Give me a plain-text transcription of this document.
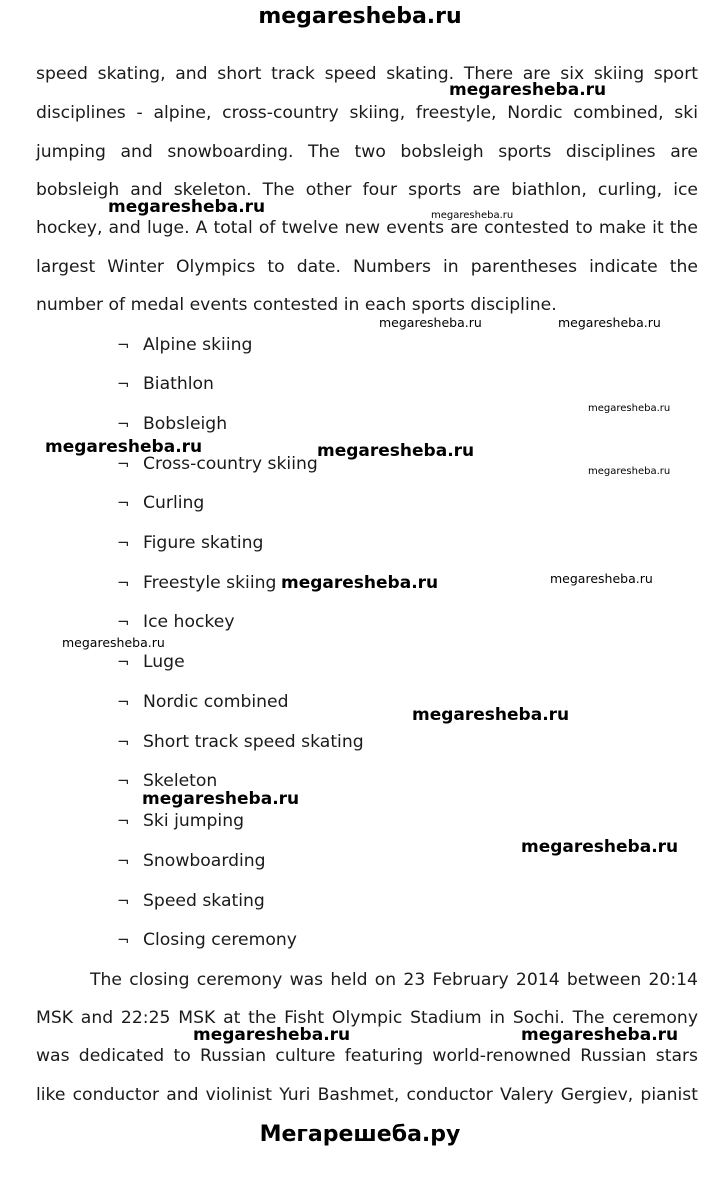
megaresheba.ru
speed skating, and short track speed skating. There are six skiing sport
disciplines - alpine, cross-country skiing, freestyle, Nordic combined, ski
jumping and snowboarding. The two bobsleigh sports disciplines are
bobsleigh and skeleton. The other four sports are biathlon, curling, ice
hockey, and luge. A total of twelve new events are contested to make it the
largest Winter Olympics to date. Numbers in parentheses indicate the
number of medal events contested in each sports discipline.
¬ Alpine skiing
¬ Biathlon
¬ Bobsleigh
¬ Cross-country skiing
¬ Curling
¬ Figure skating
¬ Freestyle skiing
¬ Ice hockey
¬ Luge
¬ Nordic combined
¬ Short track speed skating
¬ Skeleton
¬ Ski jumping
¬ Snowboarding
¬ Speed skating
¬ Closing ceremony
The closing ceremony was held on 23 February 2014 between 20:14
MSK and 22:25 MSK at the Fisht Olympic Stadium in Sochi. The ceremony
was dedicated to Russian culture featuring world-renowned Russian stars
like conductor and violinist Yuri Bashmet, conductor Valery Gergiev, pianist
megaresheba.ru
megaresheba.ru	megaresheba.ru
megaresheba.ru	megaresheba.ru
megaresheba.ru
megaresheba.ru	megaresheba.ru
megaresheba.ru
megaresheba.ru	megaresheba.ru
megaresheba.ru
megaresheba.ru
megaresheba.ru
megaresheba.ru
megaresheba.ru	megaresheba.ru
Мегарешеба.ру
